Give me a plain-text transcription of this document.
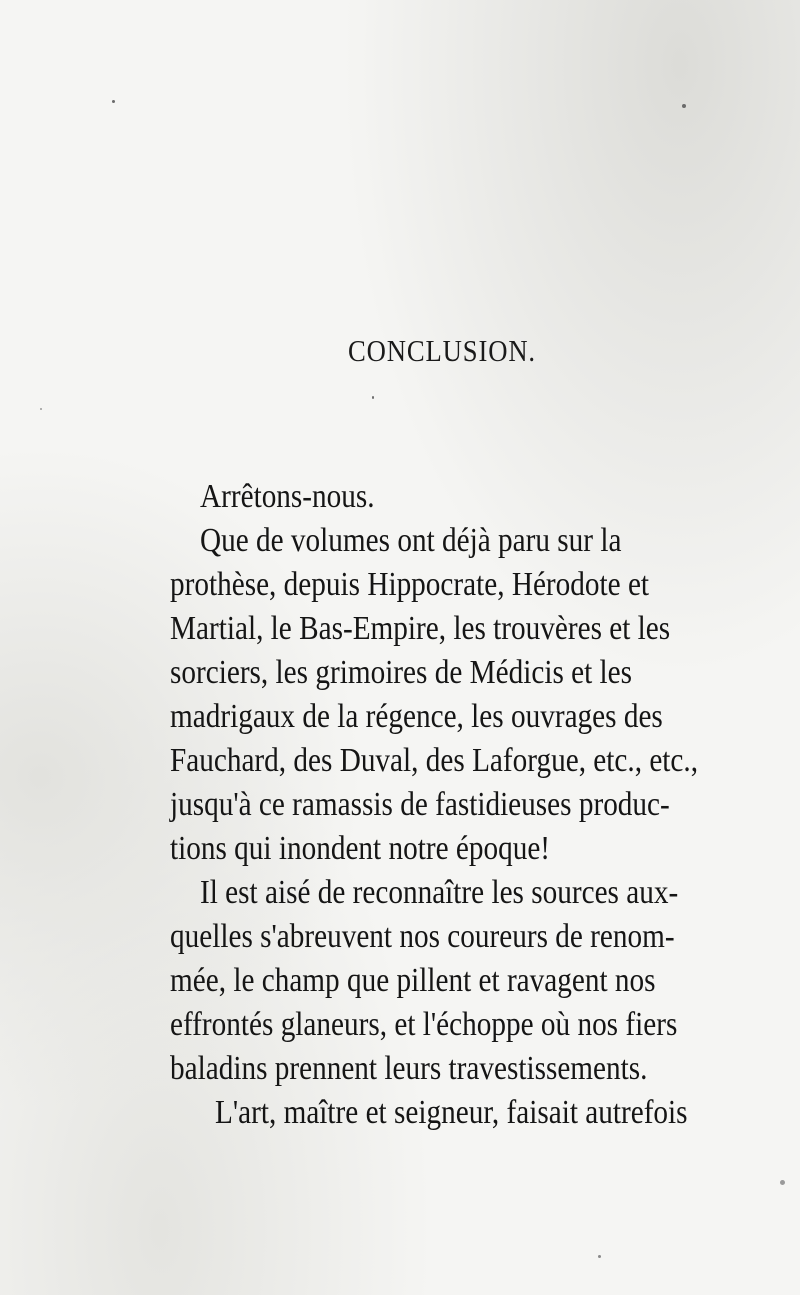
CONCLUSION.
Arrêtons-nous.
Que de volumes ont déjà paru sur la
prothèse, depuis Hippocrate, Hérodote et
Martial, le Bas-Empire, les trouvères et les
sorciers, les grimoires de Médicis et les
madrigaux de la régence, les ouvrages des
Fauchard, des Duval, des Laforgue, etc., etc.,
jusqu'à ce ramassis de fastidieuses produc-
tions qui inondent notre époque!
Il est aisé de reconnaître les sources aux-
quelles s'abreuvent nos coureurs de renom-
mée, le champ que pillent et ravagent nos
effrontés glaneurs, et l'échoppe où nos fiers
baladins prennent leurs travestissements.
L'art, maître et seigneur, faisait autrefois
